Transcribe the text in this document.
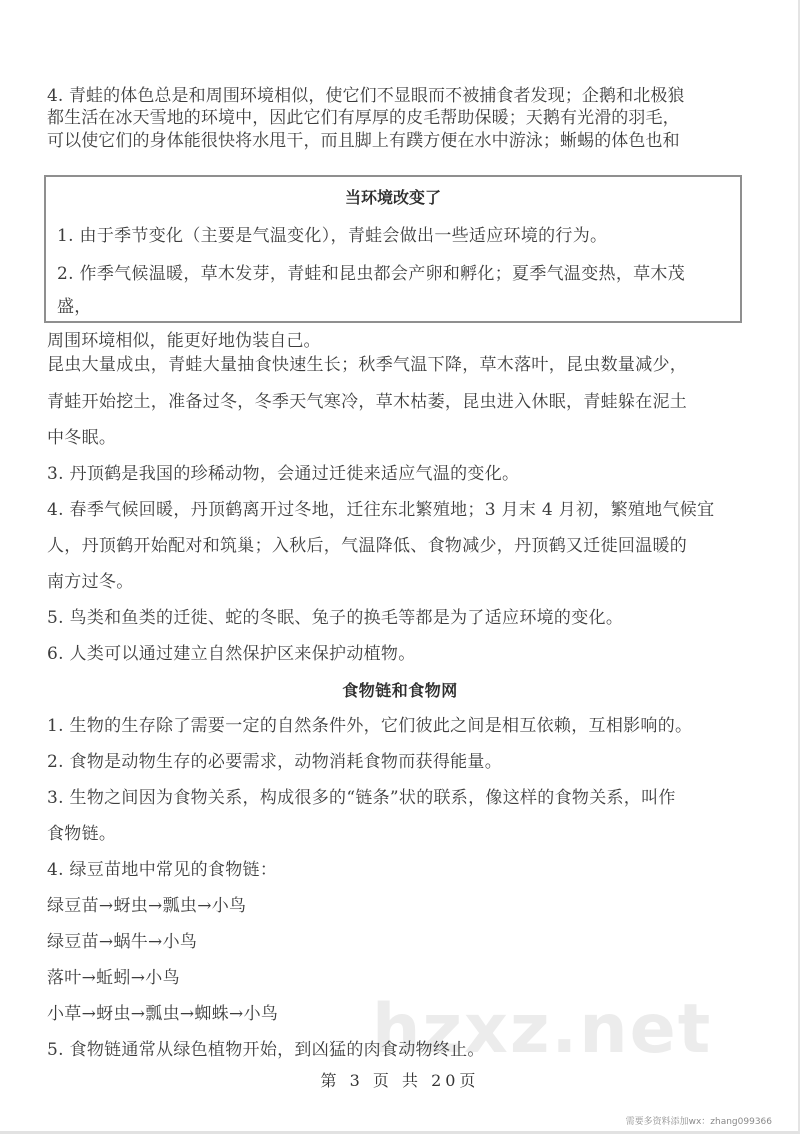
4. 青蛙的体色总是和周围环境相似，使它们不显眼而不被捕食者发现；企鹅和北极狼
都生活在冰天雪地的环境中，因此它们有厚厚的皮毛帮助保暖；天鹅有光滑的羽毛，
可以使它们的身体能很快将水甩干，而且脚上有蹼方便在水中游泳；蜥蜴的体色也和
当环境改变了
1. 由于季节变化（主要是气温变化），青蛙会做出一些适应环境的行为。
2. 作季气候温暖，草木发芽，青蛙和昆虫都会产卵和孵化；夏季气温变热，草木茂
盛，
周围环境相似，能更好地伪装自己。
昆虫大量成虫，青蛙大量抽食快速生长；秋季气温下降，草木落叶，昆虫数量减少，
青蛙开始挖土，准备过冬，冬季天气寒冷，草木枯萎，昆虫进入休眠，青蛙躲在泥土
中冬眠。
3. 丹顶鹤是我国的珍稀动物，会通过迁徙来适应气温的变化。
4. 春季气候回暖，丹顶鹤离开过冬地，迁往东北繁殖地；3 月末 4 月初，繁殖地气候宜
人，丹顶鹤开始配对和筑巢；入秋后，气温降低、食物减少，丹顶鹤又迁徙回温暖的
南方过冬。
5. 鸟类和鱼类的迁徙、蛇的冬眠、兔子的换毛等都是为了适应环境的变化。
6. 人类可以通过建立自然保护区来保护动植物。
食物链和食物网
1. 生物的生存除了需要一定的自然条件外，它们彼此之间是相互依赖，互相影响的。
2. 食物是动物生存的必要需求，动物消耗食物而获得能量。
3. 生物之间因为食物关系，构成很多的“链条”状的联系，像这样的食物关系，叫作
食物链。
4. 绿豆苗地中常见的食物链：
绿豆苗→蚜虫→瓢虫→小鸟
绿豆苗→蜗牛→小鸟
落叶→蚯蚓→小鸟
小草→蚜虫→瓢虫→蜘蛛→小鸟 hzxz.net
5. 食物链通常从绿色植物开始，到凶猛的肉食动物终止。
第 3 页 共 20页
需要多资料添加wx：zhang099366
